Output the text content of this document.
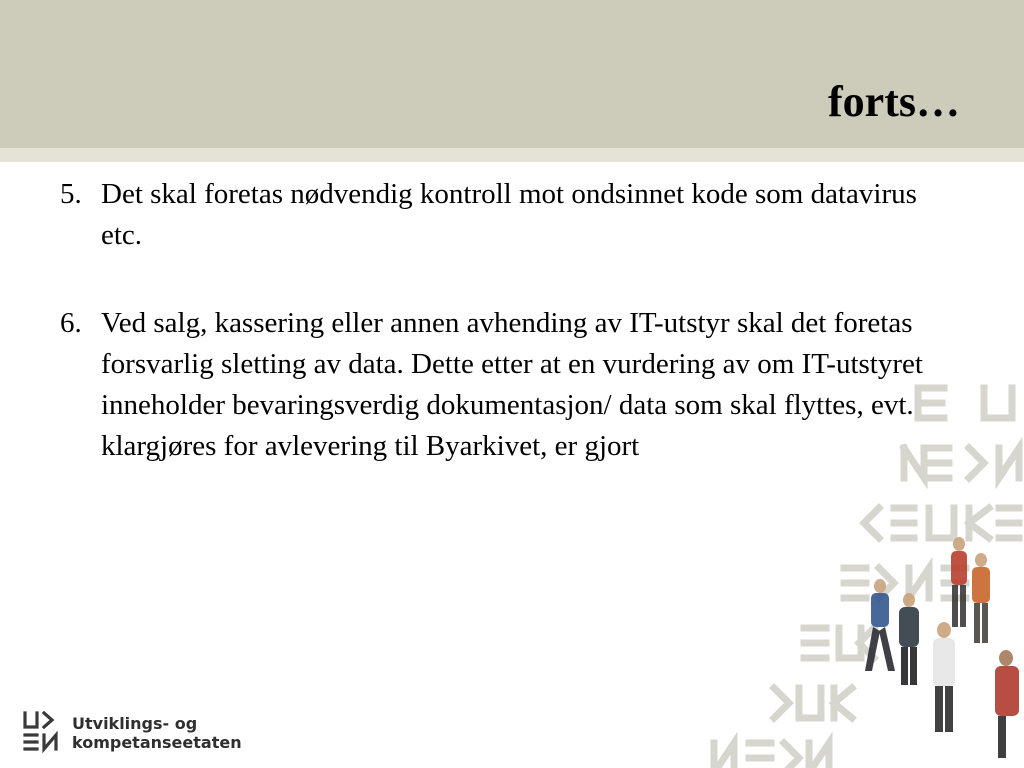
forts…
5. Det skal foretas nødvendig kontroll mot ondsinnet kode som datavirus etc.
6. Ved salg, kassering eller annen avhending av IT-utstyr skal det foretas forsvarlig sletting av data. Dette etter at en vurdering av om IT-utstyret inneholder bevaringsverdig dokumentasjon/ data som skal flyttes, evt. klargjøres for avlevering til Byarkivet, er gjort
Utviklings- og
kompetanseetaten
